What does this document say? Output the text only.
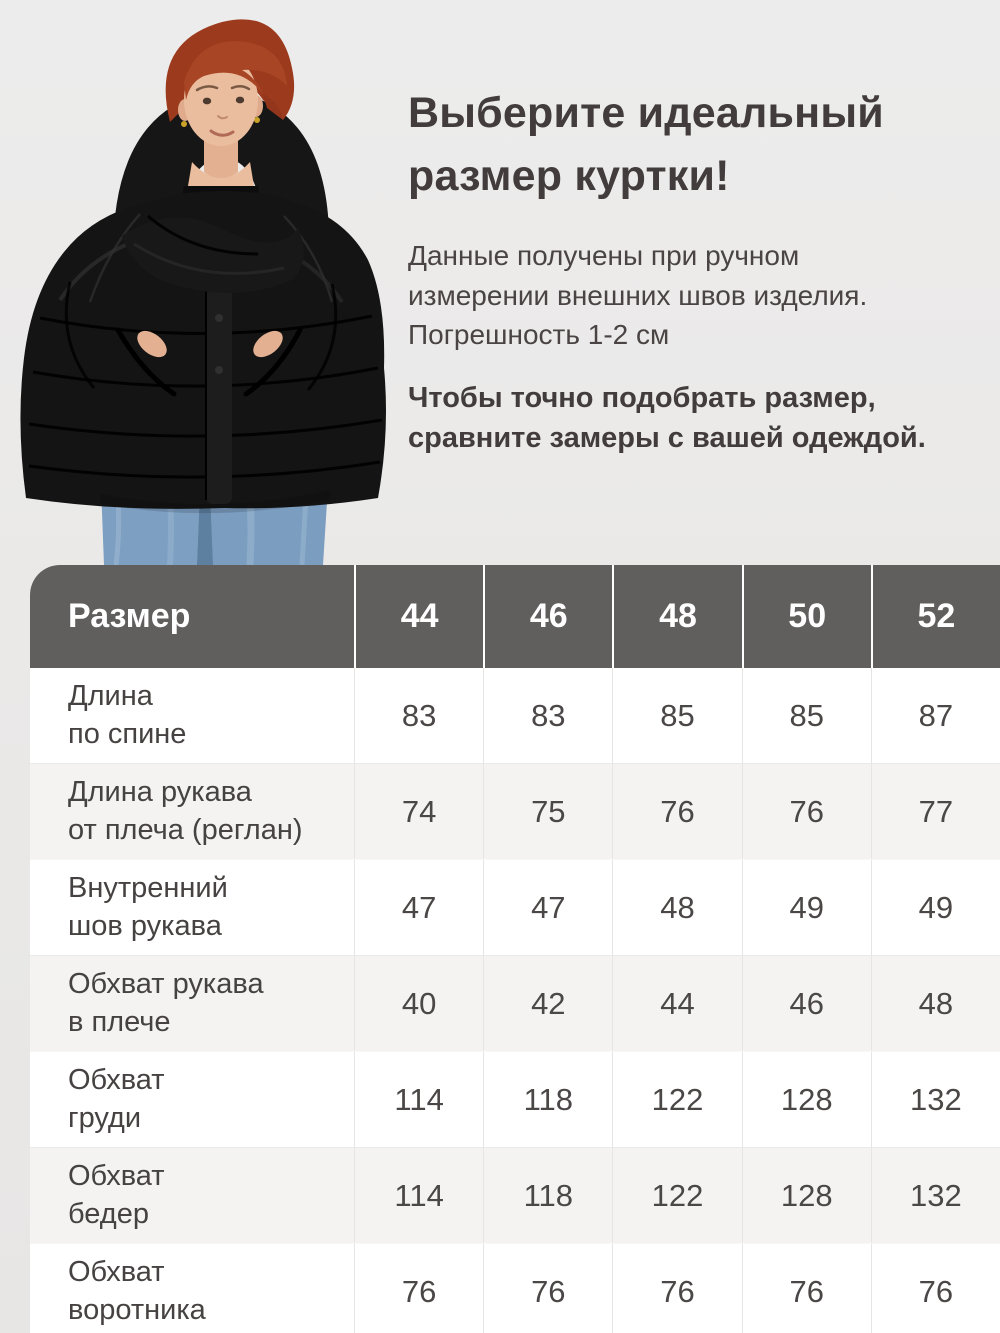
Выберите идеальный
размер куртки!
Данные получены при ручном
измерении внешних швов изделия.
Погрешность 1-2 см
Чтобы точно подобрать размер,
сравните замеры с вашей одеждой.
Размер	44	46	48	50	52
Длина
по спине
83	83	85	85	87
Длина рукава
от плеча (реглан)
74	75	76	76	77
Внутренний
шов рукава
47	47	48	49	49
Обхват рукава
в плече
40	42	44	46	48
Обхват
груди
114	118	122	128	132
Обхват
бедер
114	118	122	128	132
Обхват
воротника
76	76	76	76	76
